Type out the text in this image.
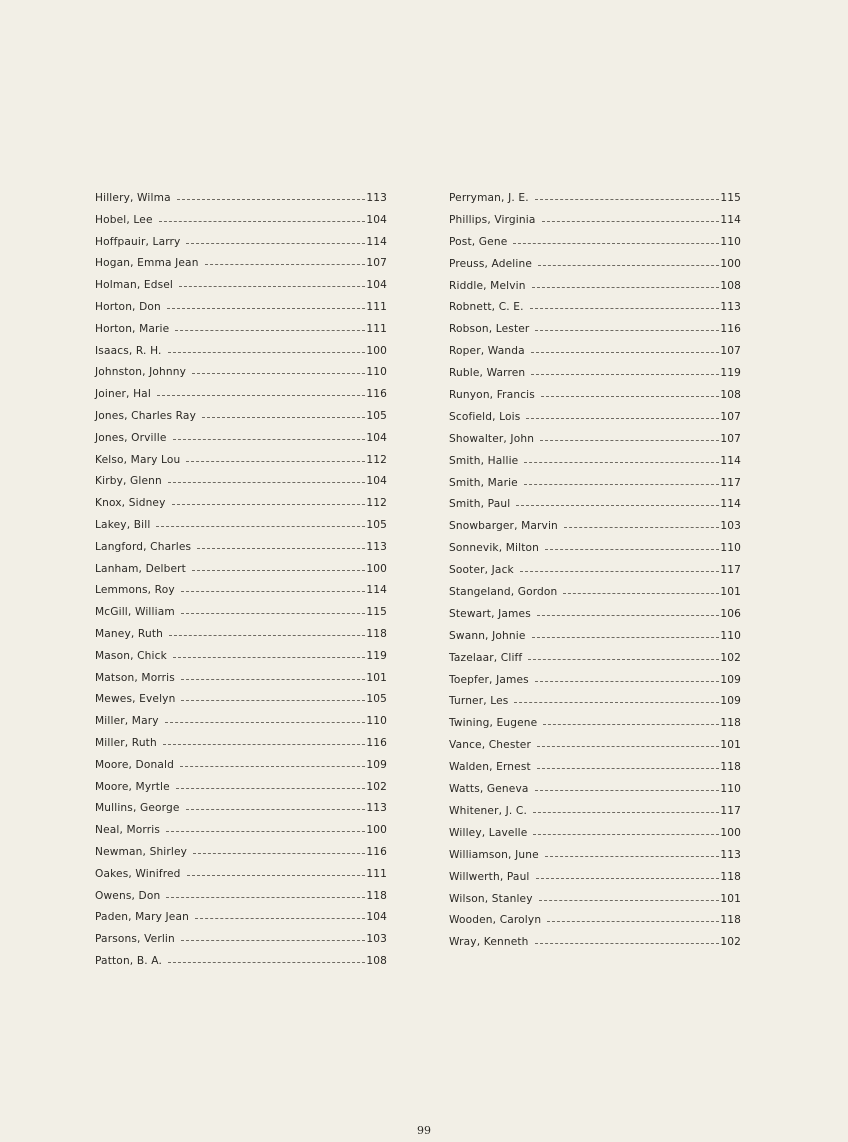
Hillery, Wilma	113
Hobel, Lee	104
Hoffpauir, Larry	114
Hogan, Emma Jean	107
Holman, Edsel	104
Horton, Don	111
Horton, Marie	111
Isaacs, R. H.	100
Johnston, Johnny	110
Joiner, Hal	116
Jones, Charles Ray	105
Jones, Orville	104
Kelso, Mary Lou	112
Kirby, Glenn	104
Knox, Sidney	112
Lakey, Bill	105
Langford, Charles	113
Lanham, Delbert	100
Lemmons, Roy	114
McGill, William	115
Maney, Ruth	118
Mason, Chick	119
Matson, Morris	101
Mewes, Evelyn	105
Miller, Mary	110
Miller, Ruth	116
Moore, Donald	109
Moore, Myrtle	102
Mullins, George	113
Neal, Morris	100
Newman, Shirley	116
Oakes, Winifred	111
Owens, Don	118
Paden, Mary Jean	104
Parsons, Verlin	103
Patton, B. A.	108
Perryman, J. E.	115
Phillips, Virginia	114
Post, Gene	110
Preuss, Adeline	100
Riddle, Melvin	108
Robnett, C. E.	113
Robson, Lester	116
Roper, Wanda	107
Ruble, Warren	119
Runyon, Francis	108
Scofield, Lois	107
Showalter, John	107
Smith, Hallie	114
Smith, Marie	117
Smith, Paul	114
Snowbarger, Marvin	103
Sonnevik, Milton	110
Sooter, Jack	117
Stangeland, Gordon	101
Stewart, James	106
Swann, Johnie	110
Tazelaar, Cliff	102
Toepfer, James	109
Turner, Les	109
Twining, Eugene	118
Vance, Chester	101
Walden, Ernest	118
Watts, Geneva	110
Whitener, J. C.	117
Willey, Lavelle	100
Williamson, June	113
Willwerth, Paul	118
Wilson, Stanley	101
Wooden, Carolyn	118
Wray, Kenneth	102
99
